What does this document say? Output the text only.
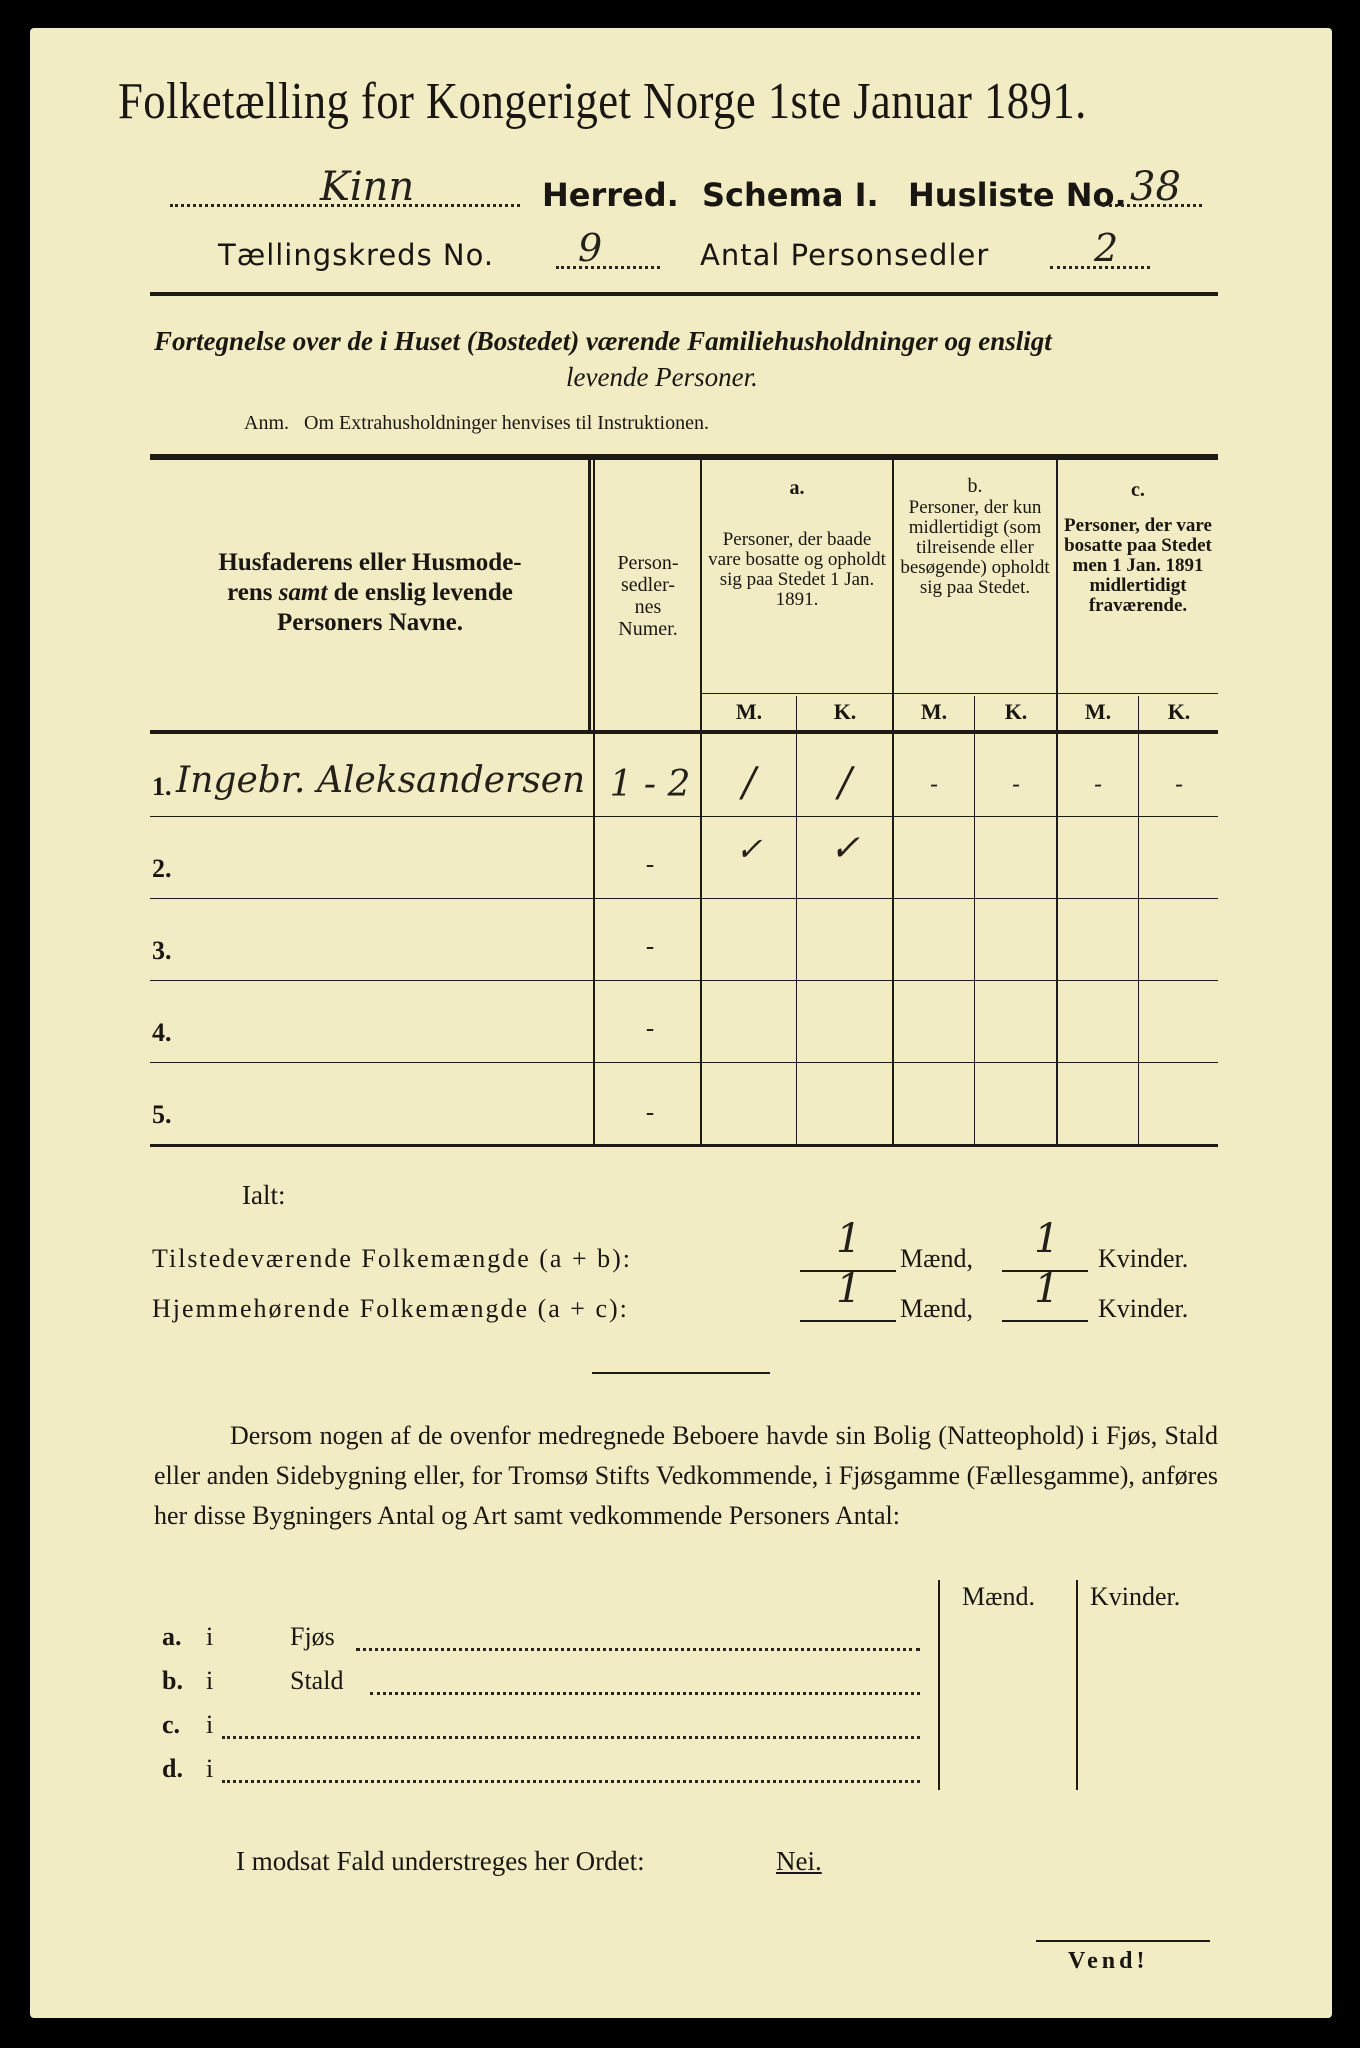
Folketælling for Kongeriget Norge 1ste Januar 1891.
Kinn	Herred. Schema I. Husliste No. 38
Tællingskreds No. 9	Antal Personsedler	2
Fortegnelse over de i Huset (Bostedet) værende Familiehusholdninger og ensligt
levende Personer.
Anm. Om Extrahusholdninger henvises til Instruktionen.
Husfaderens eller Husmode-
rens samt de enslig levende
Personers Navne.
Person-
sedler-
nes
Numer.
a.
Personer, der baade vare bosatte og opholdt sig paa Stedet 1 Jan. 1891.
b.
Personer, der kun midlertidigt (som tilreisende eller besøgende) opholdt sig paa Stedet.
c.
Personer, der vare bosatte paa Stedet men 1 Jan. 1891 midlertidigt fraværende.
M.	K.	M.	K.	M.	K.
1. Ingebr. Aleksandersen 1 - 2	/	/	-	-	-	-
2.	-	✓	✓
3.	-
4.	-
5.	-
Ialt:
Tilstedeværende Folkemængde (a + b):	1 Mænd, 1 Kvinder.
Hjemmehørende Folkemængde (a + c):	1 Mænd, 1 Kvinder.
Dersom nogen af de ovenfor medregnede Beboere havde sin Bolig (Natteophold) i Fjøs, Stald eller anden Sidebygning eller, for Tromsø Stifts Vedkommende, i Fjøsgamme (Fællesgamme), anføres her disse Bygningers Antal og Art samt vedkommende Personers Antal:
Mænd. Kvinder.
a. i	Fjøs
b. i	Stald
c. i
d. i
I modsat Fald understreges her Ordet:	Nei.
Vend!
